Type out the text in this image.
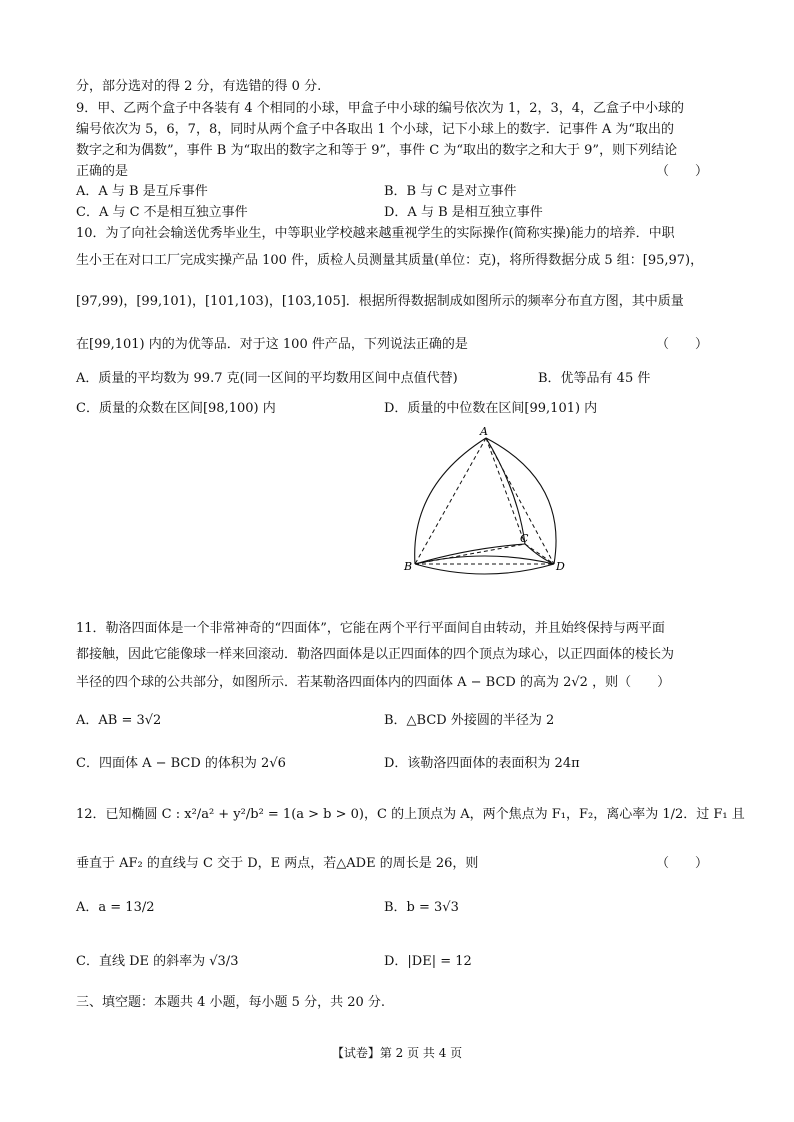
分，部分选对的得 2 分，有选错的得 0 分.
9．甲、乙两个盒子中各装有 4 个相同的小球，甲盒子中小球的编号依次为 1，2，3，4，乙盒子中小球的
编号依次为 5，6，7，8，同时从两个盒子中各取出 1 个小球，记下小球上的数字．记事件 A 为“取出的
数字之和为偶数”，事件 B 为“取出的数字之和等于 9”，事件 C 为“取出的数字之和大于 9”，则下列结论
正确的是	（　　）
A．A 与 B 是互斥事件	B．B 与 C 是对立事件
C．A 与 C 不是相互独立事件	D．A 与 B 是相互独立事件
10．为了向社会输送优秀毕业生，中等职业学校越来越重视学生的实际操作(简称实操)能力的培养．中职
生小王在对口工厂完成实操产品 100 件，质检人员测量其质量(单位：克)，将所得数据分成 5 组：[95,97)，
[97,99)，[99,101)，[101,103)，[103,105]．根据所得数据制成如图所示的频率分布直方图，其中质量
在[99,101) 内的为优等品．对于这 100 件产品，下列说法正确的是	（　　）
A．质量的平均数为 99.7 克(同一区间的平均数用区间中点值代替)	B．优等品有 45 件
C．质量的众数在区间[98,100) 内	D．质量的中位数在区间[99,101) 内
A
B
C
D
11．勒洛四面体是一个非常神奇的“四面体”，它能在两个平行平面间自由转动，并且始终保持与两平面
都接触，因此它能像球一样来回滚动．勒洛四面体是以正四面体的四个顶点为球心，以正四面体的棱长为
半径的四个球的公共部分，如图所示．若某勒洛四面体内的四面体 A − BCD 的高为 2√2 ，则（　　）
A．AB = 3√2	B．△BCD 外接圆的半径为 2
C．四面体 A − BCD 的体积为 2√6	D．该勒洛四面体的表面积为 24π
12．已知椭圆 C : x²/a² + y²/b² = 1(a > b > 0)，C 的上顶点为 A，两个焦点为 F₁，F₂，离心率为 1/2．过 F₁ 且
垂直于 AF₂ 的直线与 C 交于 D，E 两点，若△ADE 的周长是 26，则	（　　）
A．a = 13/2	B．b = 3√3
C．直线 DE 的斜率为 √3/3	D．|DE| = 12
三、填空题：本题共 4 小题，每小题 5 分，共 20 分.
【试卷】第 2 页 共 4 页
